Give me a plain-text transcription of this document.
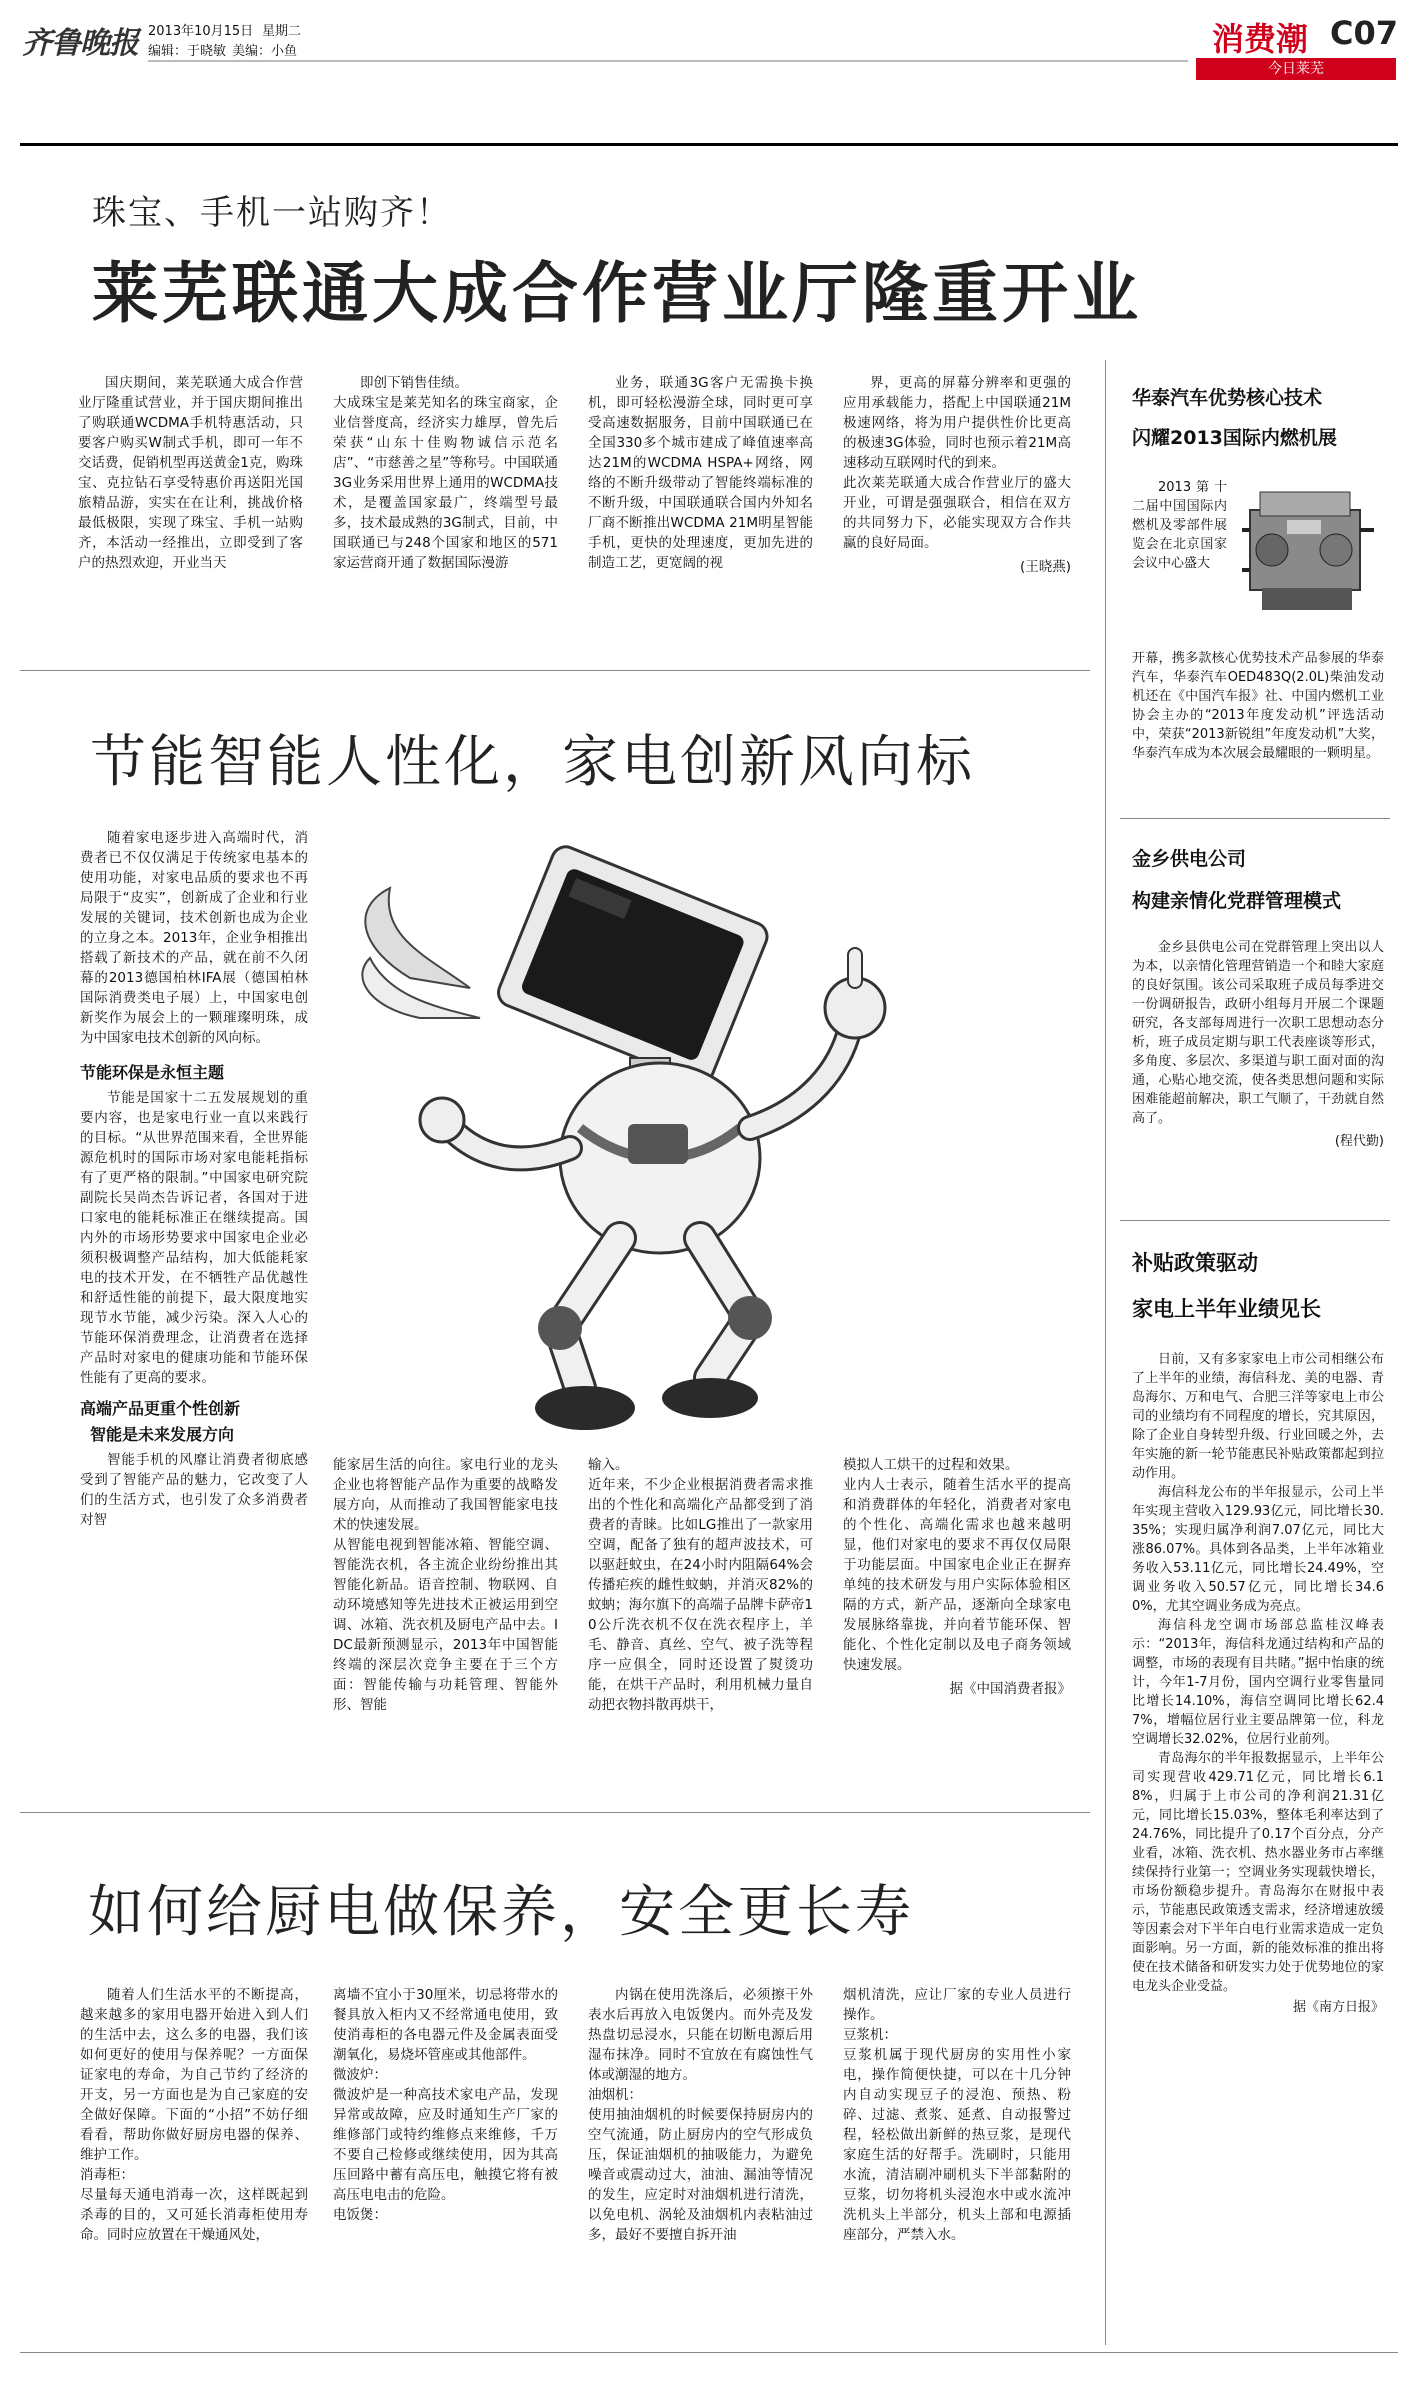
齐鲁晚报 2013年10月15日 星期二
编辑：于晓敏 美编：小鱼	消费潮 C07
今日莱芜
珠宝、手机一站购齐！
莱芜联通大成合作营业厅隆重开业

国庆期间，莱芜联通大成合作营业厅隆重试营业，并于国庆期间推出了购联通WCDMA手机特惠活动，只要客户购买W制式手机，即可一年不交话费，促销机型再送黄金1克，购珠宝、克拉钻石享受特惠价再送阳光国旅精品游，实实在在让利，挑战价格最低极限，实现了珠宝、手机一站购齐，本活动一经推出，立即受到了客户的热烈欢迎，开业当天

即创下销售佳绩。
大成珠宝是莱芜知名的珠宝商家，企业信誉度高，经济实力雄厚，曾先后荣获“山东十佳购物诚信示范名店”、“市慈善之星”等称号。中国联通3G业务采用世界上通用的WCDMA技术，是覆盖国家最广，终端型号最多，技术最成熟的3G制式，目前，中国联通已与248个国家和地区的571家运营商开通了数据国际漫游

业务，联通3G客户无需换卡换机，即可轻松漫游全球，同时更可享受高速数据服务，目前中国联通已在全国330多个城市建成了峰值速率高达21M的WCDMA HSPA+网络，网络的不断升级带动了智能终端标准的不断升级，中国联通联合国内外知名厂商不断推出WCDMA 21M明星智能手机，更快的处理速度，更加先进的制造工艺，更宽阔的视

界，更高的屏幕分辨率和更强的应用承载能力，搭配上中国联通21M极速网络，将为用户提供性价比更高的极速3G体验，同时也预示着21M高速移动互联网时代的到来。
此次莱芜联通大成合作营业厅的盛大开业，可谓是强强联合，相信在双方的共同努力下，必能实现双方合作共赢的良好局面。

(王晓燕)
华泰汽车优势核心技术
闪耀2013国际内燃机展
2013第十二届中国国际内燃机及零部件展览会在北京国家会议中心盛大
开幕，携多款核心优势技术产品参展的华泰汽车，华泰汽车OED483Q(2.0L)柴油发动机还在《中国汽车报》社、中国内燃机工业协会主办的“2013年度发动机”评选活动中，荣获“2013新锐组”年度发动机”大奖，华泰汽车成为本次展会最耀眼的一颗明星。
金乡供电公司
构建亲情化党群管理模式

金乡县供电公司在党群管理上突出以人为本，以亲情化管理营销造一个和睦大家庭的良好氛围。该公司采取班子成员每季进交一份调研报告，政研小组每月开展二个课题研究，各支部每周进行一次职工思想动态分析，班子成员定期与职工代表座谈等形式，多角度、多层次、多渠道与职工面对面的沟通，心贴心地交流，使各类思想问题和实际困难能超前解决，职工气顺了，干劲就自然高了。

(程代勤)
补贴政策驱动
家电上半年业绩见长

日前，又有多家家电上市公司相继公布了上半年的业绩，海信科龙、美的电器、青岛海尔、万和电气、合肥三洋等家电上市公司的业绩均有不同程度的增长，究其原因，除了企业自身转型升级、行业回暖之外，去年实施的新一轮节能惠民补贴政策都起到拉动作用。

海信科龙公布的半年报显示，公司上半年实现主营收入129.93亿元，同比增长30.35%；实现归属净利润7.07亿元，同比大涨86.07%。具体到各品类，上半年冰箱业务收入53.11亿元，同比增长24.49%，空调业务收入50.57亿元，同比增长34.60%，尤其空调业务成为亮点。

海信科龙空调市场部总监桂汉峰表示：“2013年，海信科龙通过结构和产品的调整，市场的表现有目共睹。”据中怡康的统计，今年1-7月份，国内空调行业零售量同比增长14.10%，海信空调同比增长62.47%，增幅位居行业主要品牌第一位，科龙空调增长32.02%，位居行业前列。

青岛海尔的半年报数据显示，上半年公司实现营收429.71亿元，同比增长6.18%，归属于上市公司的净利润21.31亿元，同比增长15.03%，整体毛利率达到了24.76%，同比提升了0.17个百分点，分产业看，冰箱、洗衣机、热水器业务市占率继续保持行业第一；空调业务实现载快增长，市场份额稳步提升。青岛海尔在财报中表示，节能惠民政策透支需求，经济增速放缓等因素会对下半年白电行业需求造成一定负面影响。另一方面，新的能效标准的推出将使在技术储备和研发实力处于优势地位的家电龙头企业受益。

据《南方日报》
节能智能人性化，家电创新风向标

随着家电逐步进入高端时代，消费者已不仅仅满足于传统家电基本的使用功能，对家电品质的要求也不再局限于“皮实”，创新成了企业和行业发展的关键词，技术创新也成为企业的立身之本。2013年，企业争相推出搭载了新技术的产品，就在前不久闭幕的2013德国柏林IFA展（德国柏林国际消费类电子展）上，中国家电创新奖作为展会上的一颗璀璨明珠，成为中国家电技术创新的风向标。

节能环保是永恒主题

节能是国家十二五发展规划的重要内容，也是家电行业一直以来践行的目标。“从世界范围来看，全世界能源危机时的国际市场对家电能耗指标有了更严格的限制。”中国家电研究院副院长吴尚杰告诉记者，各国对于进口家电的能耗标准正在继续提高。国内外的市场形势要求中国家电企业必须积极调整产品结构，加大低能耗家电的技术开发，在不牺牲产品优越性和舒适性能的前提下，最大限度地实现节水节能，减少污染。深入人心的节能环保消费理念，让消费者在选择产品时对家电的健康功能和节能环保性能有了更高的要求。

高端产品更重个性创新
智能是未来发展方向

智能手机的风靡让消费者彻底感受到了智能产品的魅力，它改变了人们的生活方式，也引发了众多消费者对智

能家居生活的向往。家电行业的龙头企业也将智能产品作为重要的战略发展方向，从而推动了我国智能家电技术的快速发展。
从智能电视到智能冰箱、智能空调、智能洗衣机，各主流企业纷纷推出其智能化新品。语音控制、物联网、自动环境感知等先进技术正被运用到空调、冰箱、洗衣机及厨电产品中去。IDC最新预测显示，2013年中国智能终端的深层次竞争主要在于三个方面：智能传输与功耗管理、智能外形、智能

输入。
近年来，不少企业根据消费者需求推出的个性化和高端化产品都受到了消费者的青睐。比如LG推出了一款家用空调，配备了独有的超声波技术，可以驱赶蚊虫，在24小时内阻隔64%会传播疟疾的雌性蚊蚋，并消灭82%的蚊蚋；海尔旗下的高端子品牌卡萨帝10公斤洗衣机不仅在洗衣程序上，羊毛、静音、真丝、空气、被子洗等程序一应俱全，同时还设置了熨烫功能，在烘干产品时，利用机械力量自动把衣物抖散再烘干，

模拟人工烘干的过程和效果。
业内人士表示，随着生活水平的提高和消费群体的年轻化，消费者对家电的个性化、高端化需求也越来越明显，他们对家电的要求不再仅仅局限于功能层面。中国家电企业正在摒弃单纯的技术研发与用户实际体验相区隔的方式，新产品，逐渐向全球家电发展脉络靠拢，并向着节能环保、智能化、个性化定制以及电子商务领域快速发展。

据《中国消费者报》
如何给厨电做保养，安全更长寿

随着人们生活水平的不断提高，越来越多的家用电器开始进入到人们的生活中去，这么多的电器，我们该如何更好的使用与保养呢？一方面保证家电的寿命，为自己节约了经济的开支，另一方面也是为自己家庭的安全做好保障。下面的“小招”不妨仔细看看，帮助你做好厨房电器的保养、维护工作。
消毒柜：
尽量每天通电消毒一次，这样既起到杀毒的目的，又可延长消毒柜使用寿命。同时应放置在干燥通风处，

离墙不宜小于30厘米，切忌将带水的餐具放入柜内又不经常通电使用，致使消毒柜的各电器元件及金属表面受潮氧化，易烧坏管座或其他部件。
微波炉：
微波炉是一种高技术家电产品，发现异常或故障，应及时通知生产厂家的维修部门或特约维修点来维修，千万不要自己检修或继续使用，因为其高压回路中蓄有高压电，触摸它将有被高压电电击的危险。
电饭煲：

内锅在使用洗涤后，必须擦干外表水后再放入电饭煲内。而外壳及发热盘切忌浸水，只能在切断电源后用湿布抹净。同时不宜放在有腐蚀性气体或潮湿的地方。
油烟机：
使用抽油烟机的时候要保持厨房内的空气流通，防止厨房内的空气形成负压，保证油烟机的抽吸能力，为避免噪音或震动过大，油油、漏油等情况的发生，应定时对油烟机进行清洗，以免电机、涡轮及油烟机内表粘油过多，最好不要擅自拆开油

烟机清洗，应让厂家的专业人员进行操作。
豆浆机：
豆浆机属于现代厨房的实用性小家电，操作简便快捷，可以在十几分钟内自动实现豆子的浸泡、预热、粉碎、过滤、煮浆、延煮、自动报警过程，轻松做出新鲜的热豆浆，是现代家庭生活的好帮手。洗刷时，只能用水流，清洁刷冲刷机头下半部黏附的豆浆，切勿将机头浸泡水中或水流冲洗机头上半部分，机头上部和电源插座部分，严禁入水。
